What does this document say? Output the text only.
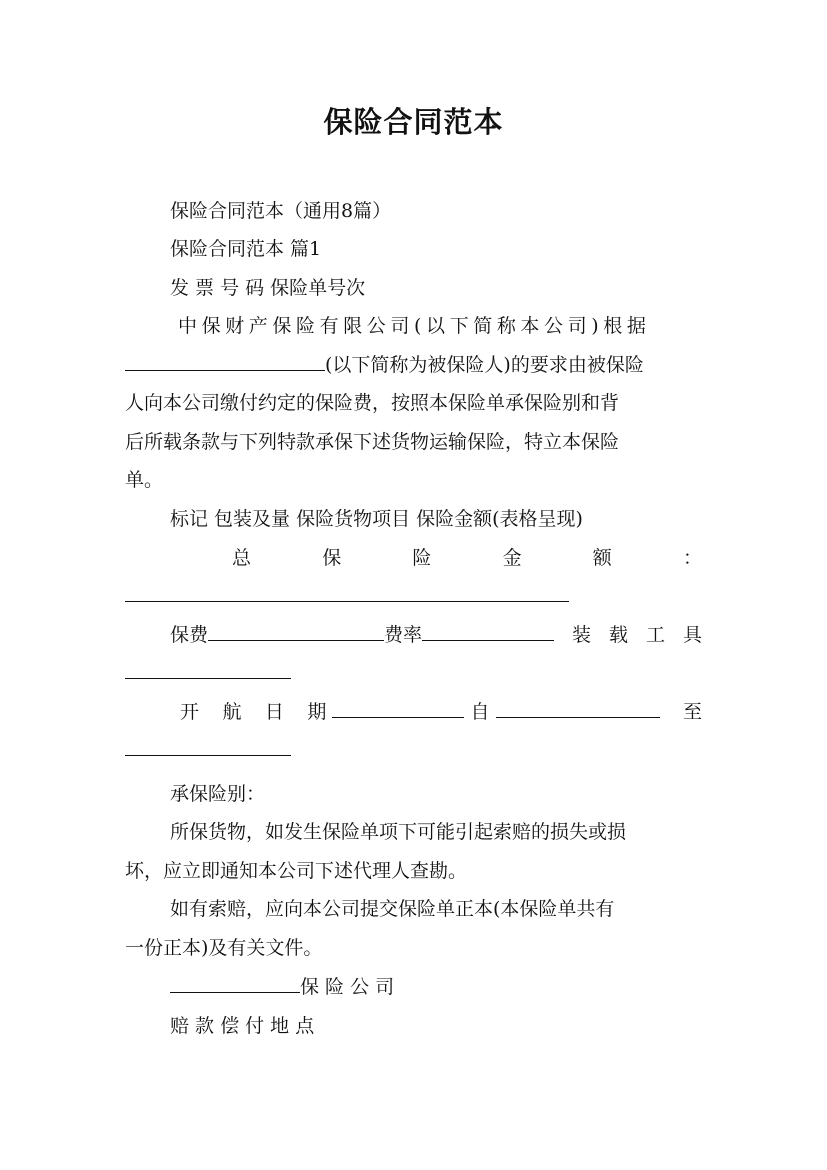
保险合同范本
保险合同范本（通用8篇）
保险合同范本 篇1
发 票 号 码 保险单号次
中保财产保险有限公司(以下简称本公司)根据
(以下简称为被保险人)的要求由被保险
人向本公司缴付约定的保险费，按照本保险单承保险别和背
后所载条款与下列特款承保下述货物运输保险，特立本保险
单。
标记 包装及量 保险货物项目 保险金额(表格呈现)
总	保	险	金	额	：
保费	费率	装 载 工 具
开 航 日 期	自	至
承保险别：
所保货物，如发生保险单项下可能引起索赔的损失或损
坏，应立即通知本公司下述代理人查勘。
如有索赔，应向本公司提交保险单正本(本保险单共有
一份正本)及有关文件。
保 险 公 司
赔 款 偿 付 地 点
